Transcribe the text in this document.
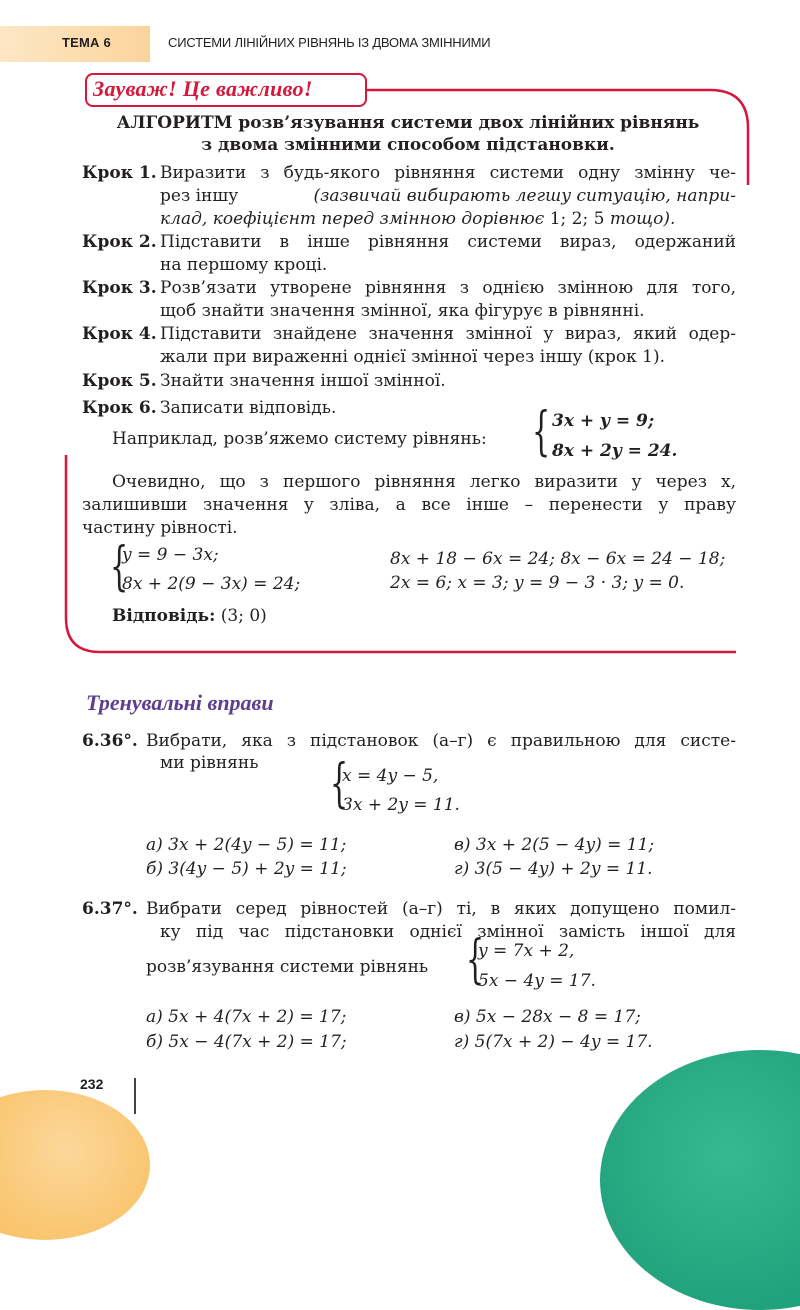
ТЕМА 6	СИСТЕМИ ЛІНІЙНИХ РІВНЯНЬ ІЗ ДВОМА ЗМІННИМИ
Зауваж! Це важливо!
АЛГОРИТМ розв’язування системи двох лінійних рівнянь
з двома змінними способом підстановки.
Крок 1. Виразити з будь-якого рівняння системи одну змінну че-
рез іншу	(зазвичай вибирають легшу ситуацію, напри-
клад, коефіцієнт перед змінною дорівнює 1; 2; 5 тощо).
Крок 2. Підставити в інше рівняння системи вираз, одержаний
на першому кроці.
Крок 3. Розв’язати утворене рівняння з однією змінною для того,
щоб знайти значення змінної, яка фігурує в рівнянні.
Крок 4. Підставити знайдене значення змінної у вираз, який одер-
жали при вираженні однієї змінної через іншу (крок 1).
Крок 5. Знайти значення іншої змінної.
Крок 6. Записати відповідь.
Наприклад, розв’яжемо систему рівнянь: { 3x + y = 9;
8x + 2y = 24.
Очевидно, що з першого рівняння легко виразити y через x,
залишивши значення y зліва, а все інше – перенести у праву
частину рівності.
{
y = 9 − 3x;
8x + 2(9 − 3x) = 24;
8x + 18 − 6x = 24; 8x − 6x = 24 − 18;
2x = 6; x = 3; y = 9 − 3 · 3; y = 0.
Відповідь: (3; 0)
Тренувальні вправи
6.36°. Вибрати, яка з підстановок (а–г) є правильною для систе-
ми рівнянь {
x = 4y − 5,
3x + 2y = 11.
а) 3x + 2(4y − 5) = 11;
б) 3(4y − 5) + 2y = 11;
в) 3x + 2(5 − 4y) = 11;
г) 3(5 − 4y) + 2y = 11.
6.37°. Вибрати серед рівностей (а–г) ті, в яких допущено помил-
ку під час підстановки однієї змінної замість іншої для
розв’язування системи рівнянь {
y = 7x + 2,
5x − 4y = 17.
а) 5x + 4(7x + 2) = 17;
б) 5x − 4(7x + 2) = 17;
в) 5x − 28x − 8 = 17;
г) 5(7x + 2) − 4y = 17.
232
